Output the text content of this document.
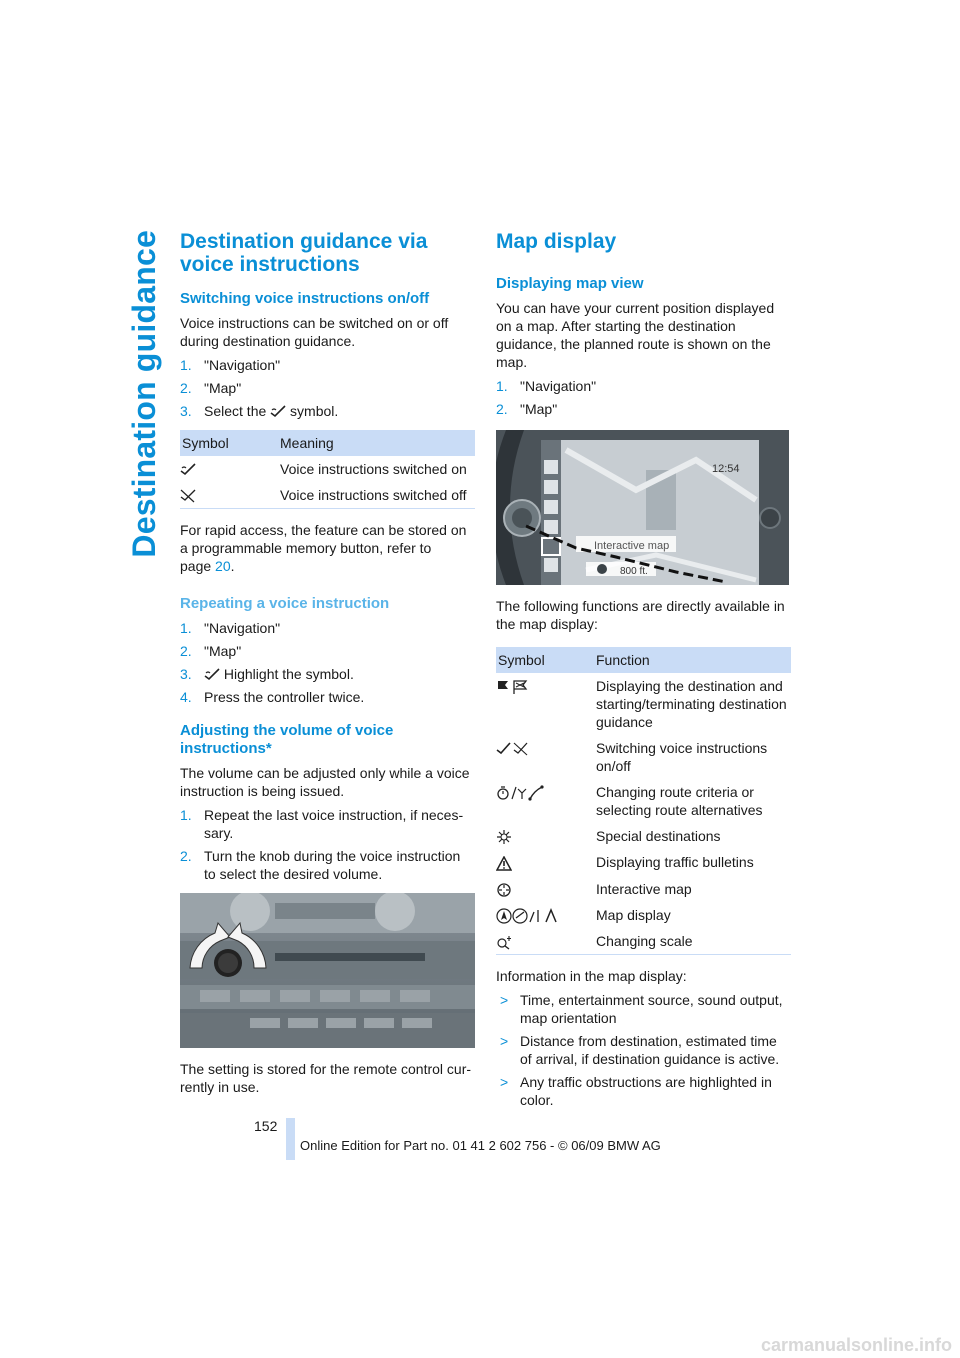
Destination guidance Destination guidance via voice instructions
Switching voice instructions on/off

Voice instructions can be switched on or off during destination guidance.

1. "Navigation"
2. "Map"
3. Select the symbol.
Symbol	Meaning
	Voice instructions switched on
	Voice instructions switched off

For rapid access, the feature can be stored on a programmable memory button, refer to page 20.

Repeating a voice instruction
1. "Navigation"
2. "Map"
3. Highlight the symbol.
4. Press the controller twice.
Adjusting the volume of voice instructions*

The volume can be adjusted only while a voice instruction is being issued.

1. Repeat the last voice instruction, if necessary.
2. Turn the knob during the voice instruction to select the desired volume.

The setting is stored for the remote control currently in use.

Map display
Displaying map view

You can have your current position displayed on a map. After starting the destination guidance, the planned route is shown on the map.

1. "Navigation"
2. "Map"
12:54
Interactive map
800 ft.

The following functions are directly available in the map display:

Symbol	Function
	Displaying the destination and starting/terminating destination guidance
	Switching voice instructions on/off
	Changing route criteria or selecting route alternatives
	Special destinations
	Displaying traffic bulletins
	Interactive map
	Map display
	Changing scale

Information in the map display:

> Time, entertainment source, sound output, map orientation
> Distance from destination, estimated time of arrival, if destination guidance is active.
> Any traffic obstructions are highlighted in color.
152
Online Edition for Part no. 01 41 2 602 756 - © 06/09 BMW AG
carmanualsonline.info
